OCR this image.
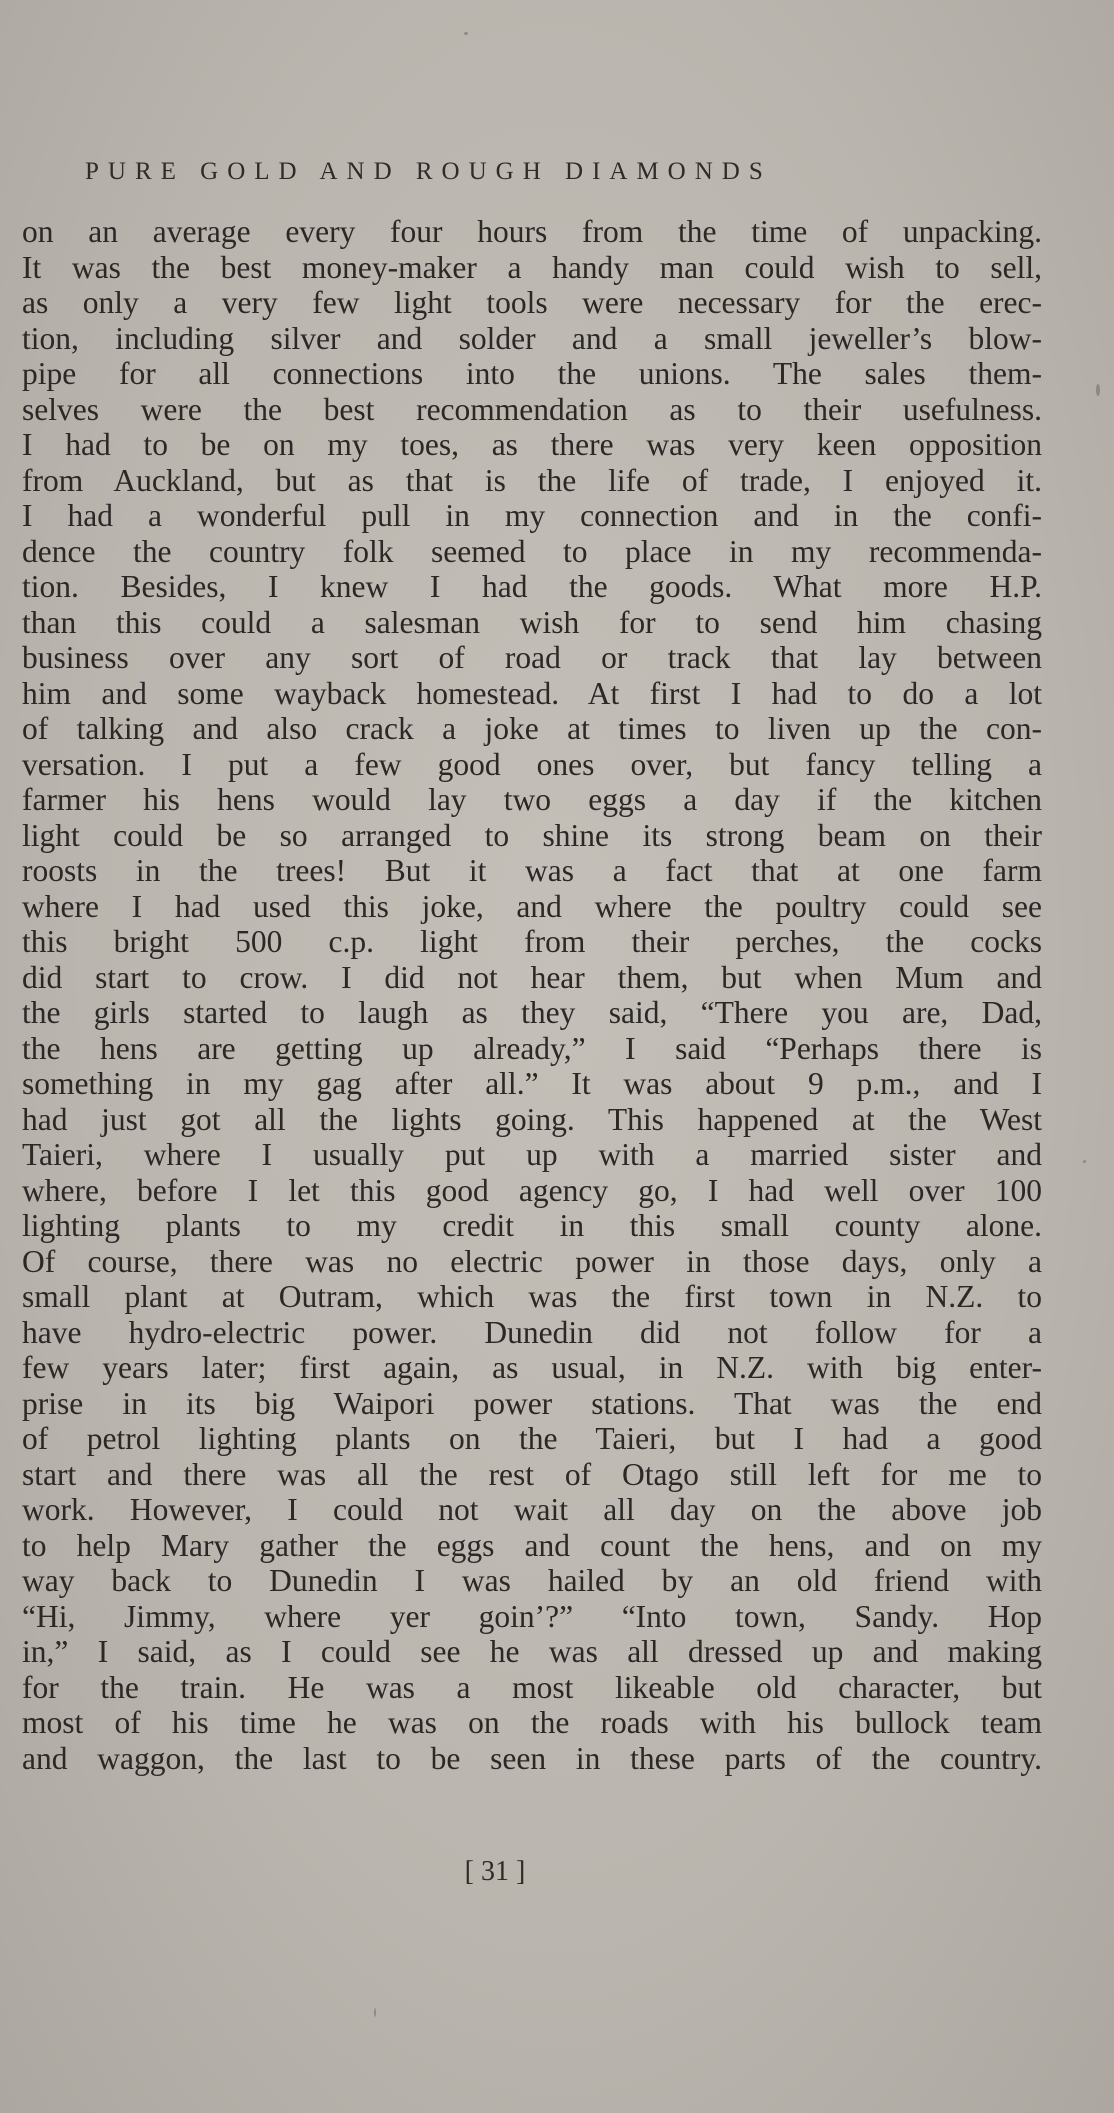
PURE GOLD AND ROUGH DIAMONDS
on an average every four hours from the time of unpacking.
It was the best money-maker a handy man could wish to sell,
as only a very few light tools were necessary for the erec-
tion, including silver and solder and a small jeweller’s blow-
pipe for all connections into the unions. The sales them-
selves were the best recommendation as to their usefulness.
I had to be on my toes, as there was very keen opposition
from Auckland, but as that is the life of trade, I enjoyed it.
I had a wonderful pull in my connection and in the confi-
dence the country folk seemed to place in my recommenda-
tion. Besides, I knew I had the goods. What more H.P.
than this could a salesman wish for to send him chasing
business over any sort of road or track that lay between
him and some wayback homestead. At first I had to do a lot
of talking and also crack a joke at times to liven up the con-
versation. I put a few good ones over, but fancy telling a
farmer his hens would lay two eggs a day if the kitchen
light could be so arranged to shine its strong beam on their
roosts in the trees! But it was a fact that at one farm
where I had used this joke, and where the poultry could see
this bright 500 c.p. light from their perches, the cocks
did start to crow. I did not hear them, but when Mum and
the girls started to laugh as they said, “There you are, Dad,
the hens are getting up already,” I said “Perhaps there is
something in my gag after all.” It was about 9 p.m., and I
had just got all the lights going. This happened at the West
Taieri, where I usually put up with a married sister and
where, before I let this good agency go, I had well over 100
lighting plants to my credit in this small county alone.
Of course, there was no electric power in those days, only a
small plant at Outram, which was the first town in N.Z. to
have hydro-electric power. Dunedin did not follow for a
few years later; first again, as usual, in N.Z. with big enter-
prise in its big Waipori power stations. That was the end
of petrol lighting plants on the Taieri, but I had a good
start and there was all the rest of Otago still left for me to
work. However, I could not wait all day on the above job
to help Mary gather the eggs and count the hens, and on my
way back to Dunedin I was hailed by an old friend with
“Hi, Jimmy, where yer goin’?” “Into town, Sandy. Hop
in,” I said, as I could see he was all dressed up and making
for the train. He was a most likeable old character, but
most of his time he was on the roads with his bullock team
and waggon, the last to be seen in these parts of the country.
[ 31 ]
